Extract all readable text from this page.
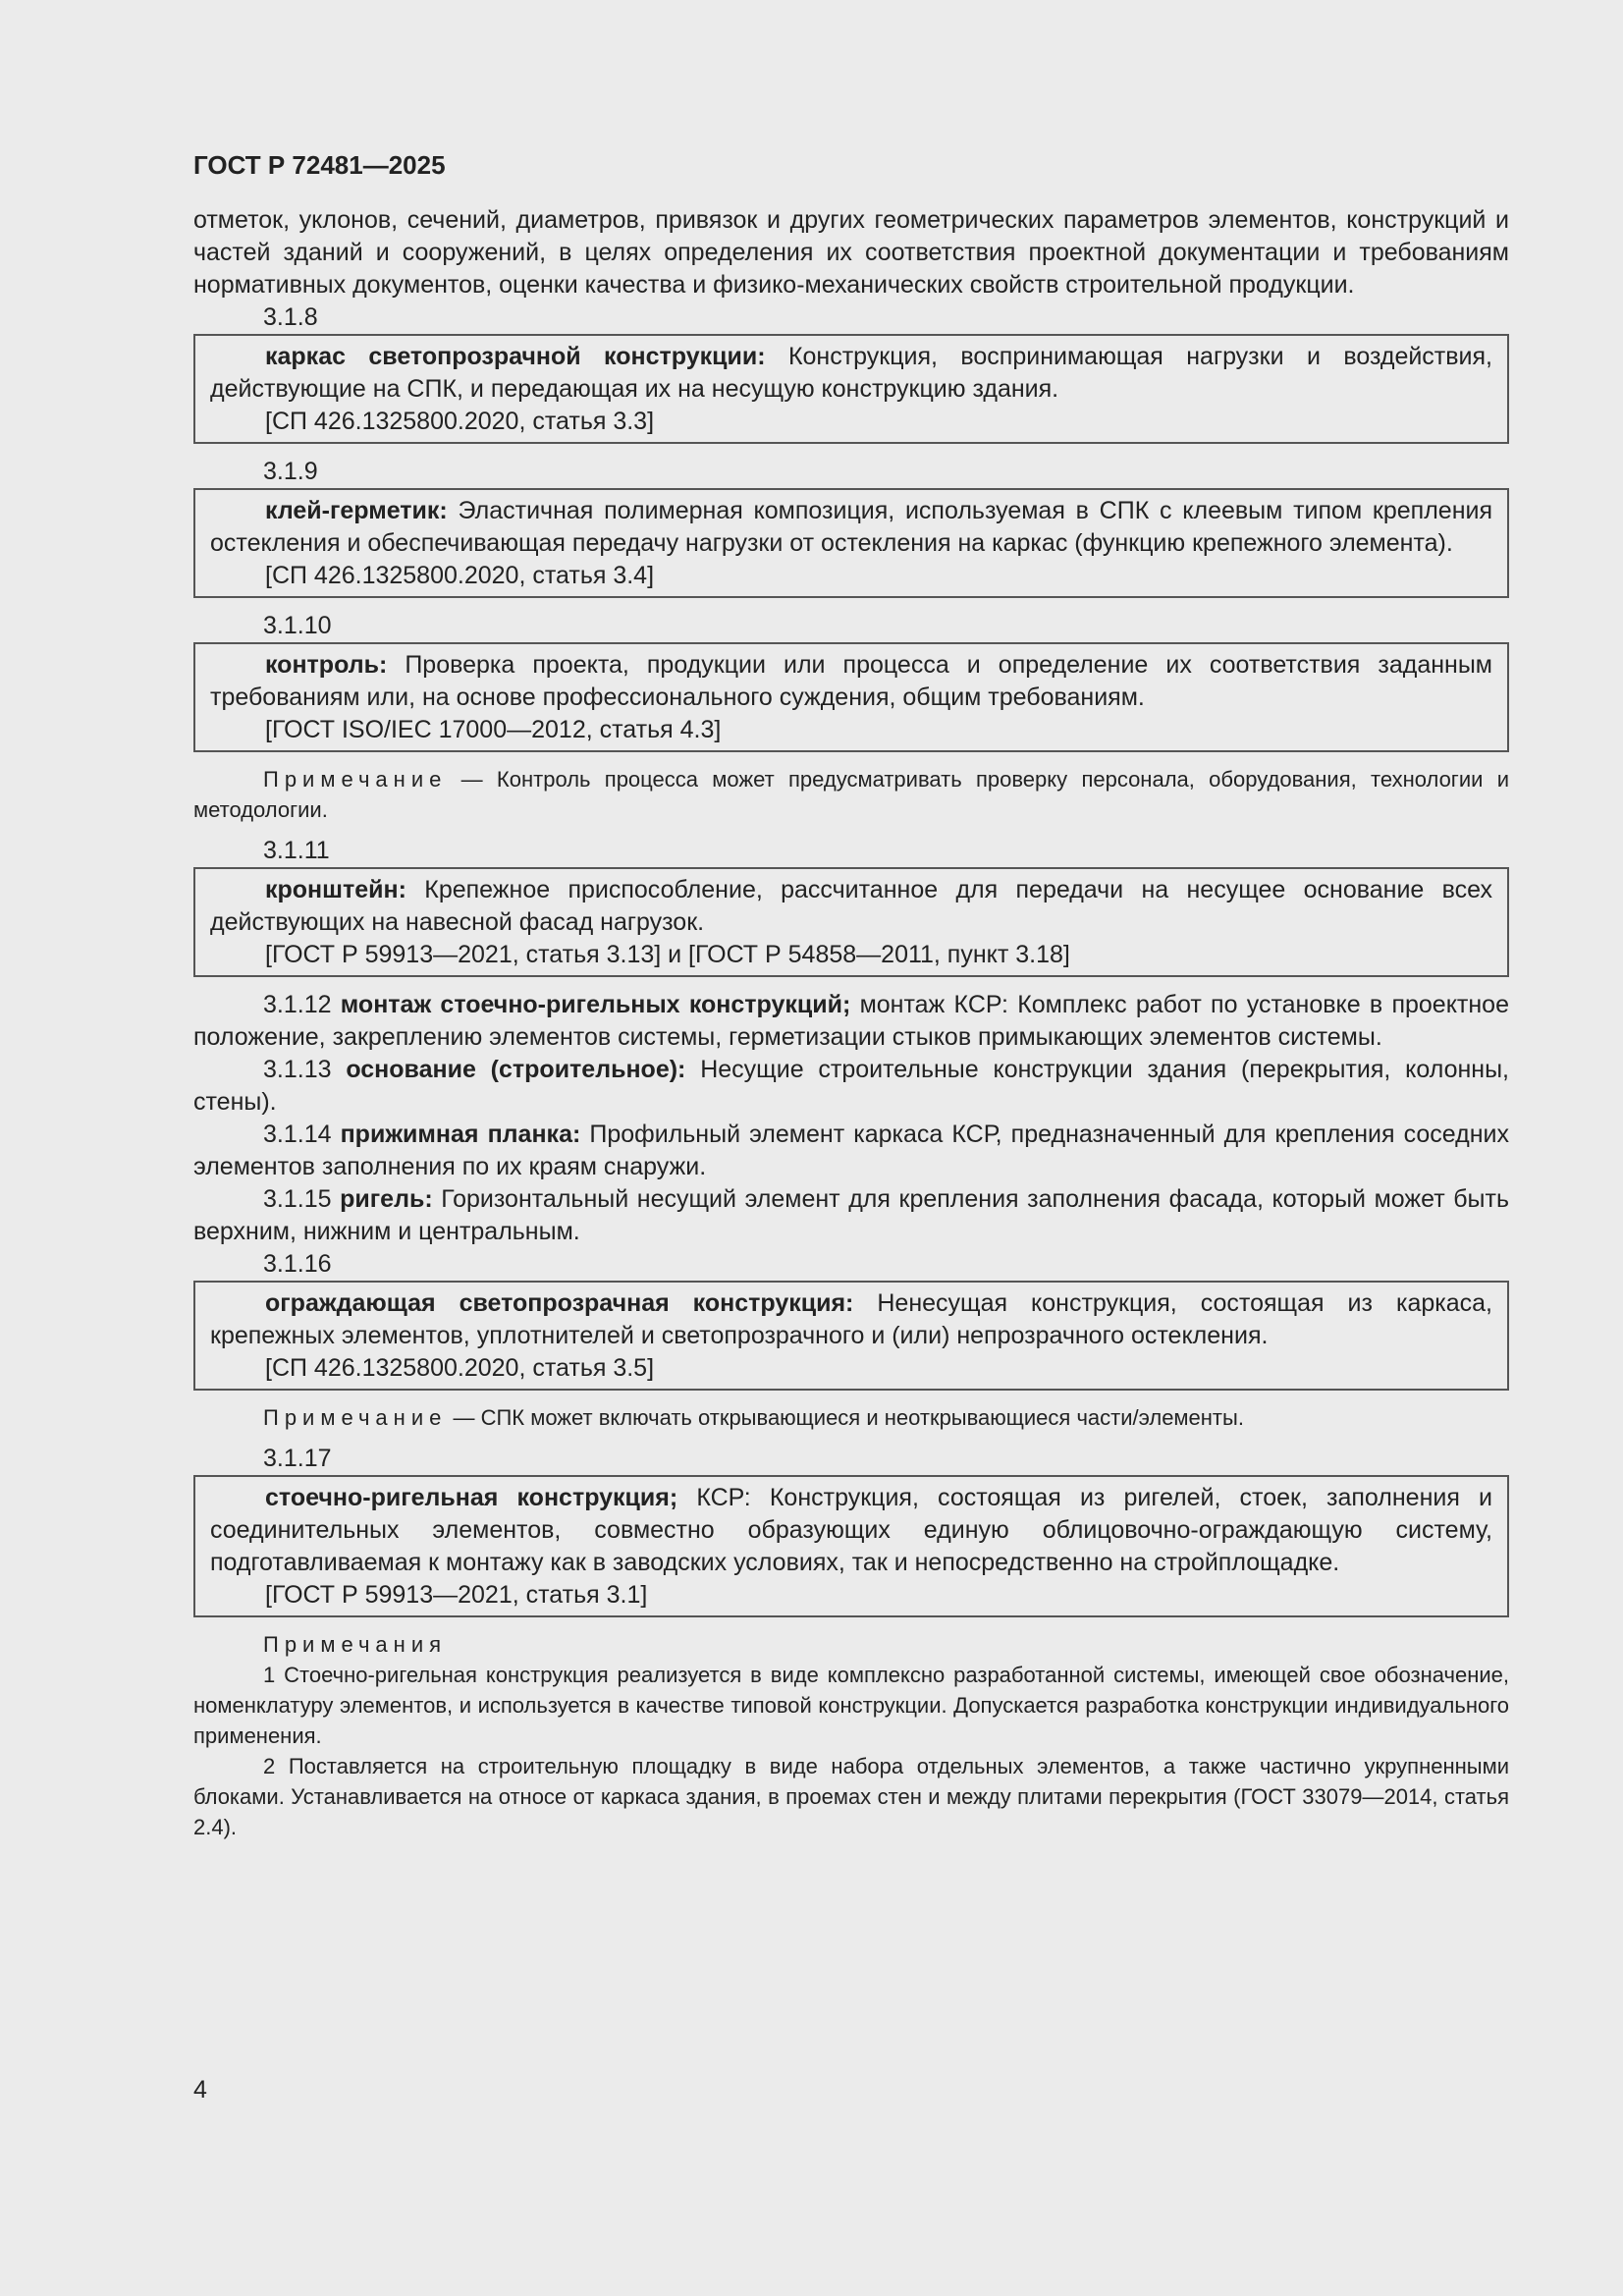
ГОСТ Р 72481—2025

отметок, уклонов, сечений, диаметров, привязок и других геометрических параметров элементов, конструкций и частей зданий и сооружений, в целях определения их соответствия проектной документации и требованиям нормативных документов, оценки качества и физико-механических свойств строительной продукции.

3.1.8

каркас светопрозрачной конструкции: Конструкция, воспринимающая нагрузки и воздействия, действующие на СПК, и передающая их на несущую конструкцию здания.

[СП 426.1325800.2020, статья 3.3]

3.1.9

клей-герметик: Эластичная полимерная композиция, используемая в СПК с клеевым типом крепления остекления и обеспечивающая передачу нагрузки от остекления на каркас (функцию крепежного элемента).

[СП 426.1325800.2020, статья 3.4]

3.1.10

контроль: Проверка проекта, продукции или процесса и определение их соответствия заданным требованиям или, на основе профессионального суждения, общим требованиям.

[ГОСТ ISO/IEC 17000—2012, статья 4.3]

Примечание — Контроль процесса может предусматривать проверку персонала, оборудования, технологии и методологии.

3.1.11

кронштейн: Крепежное приспособление, рассчитанное для передачи на несущее основание всех действующих на навесной фасад нагрузок.

[ГОСТ Р 59913—2021, статья 3.13] и [ГОСТ Р 54858—2011, пункт 3.18]

3.1.12 монтаж стоечно-ригельных конструкций; монтаж КСР: Комплекс работ по установке в проектное положение, закреплению элементов системы, герметизации стыков примыкающих элементов системы.

3.1.13 основание (строительное): Несущие строительные конструкции здания (перекрытия, колонны, стены).

3.1.14 прижимная планка: Профильный элемент каркаса КСР, предназначенный для крепления соседних элементов заполнения по их краям снаружи.

3.1.15 ригель: Горизонтальный несущий элемент для крепления заполнения фасада, который может быть верхним, нижним и центральным.

3.1.16

ограждающая светопрозрачная конструкция: Ненесущая конструкция, состоящая из каркаса, крепежных элементов, уплотнителей и светопрозрачного и (или) непрозрачного остекления.

[СП 426.1325800.2020, статья 3.5]

Примечание — СПК может включать открывающиеся и неоткрывающиеся части/элементы.

3.1.17

стоечно-ригельная конструкция; КСР: Конструкция, состоящая из ригелей, стоек, заполнения и соединительных элементов, совместно образующих единую облицовочно-ограждающую систему, подготавливаемая к монтажу как в заводских условиях, так и непосредственно на стройплощадке.

[ГОСТ Р 59913—2021, статья 3.1]

Примечания

1 Стоечно-ригельная конструкция реализуется в виде комплексно разработанной системы, имеющей свое обозначение, номенклатуру элементов, и используется в качестве типовой конструкции. Допускается разработка конструкции индивидуального применения.

2 Поставляется на строительную площадку в виде набора отдельных элементов, а также частично укрупненными блоками. Устанавливается на относе от каркаса здания, в проемах стен и между плитами перекрытия (ГОСТ 33079—2014, статья 2.4).

4
